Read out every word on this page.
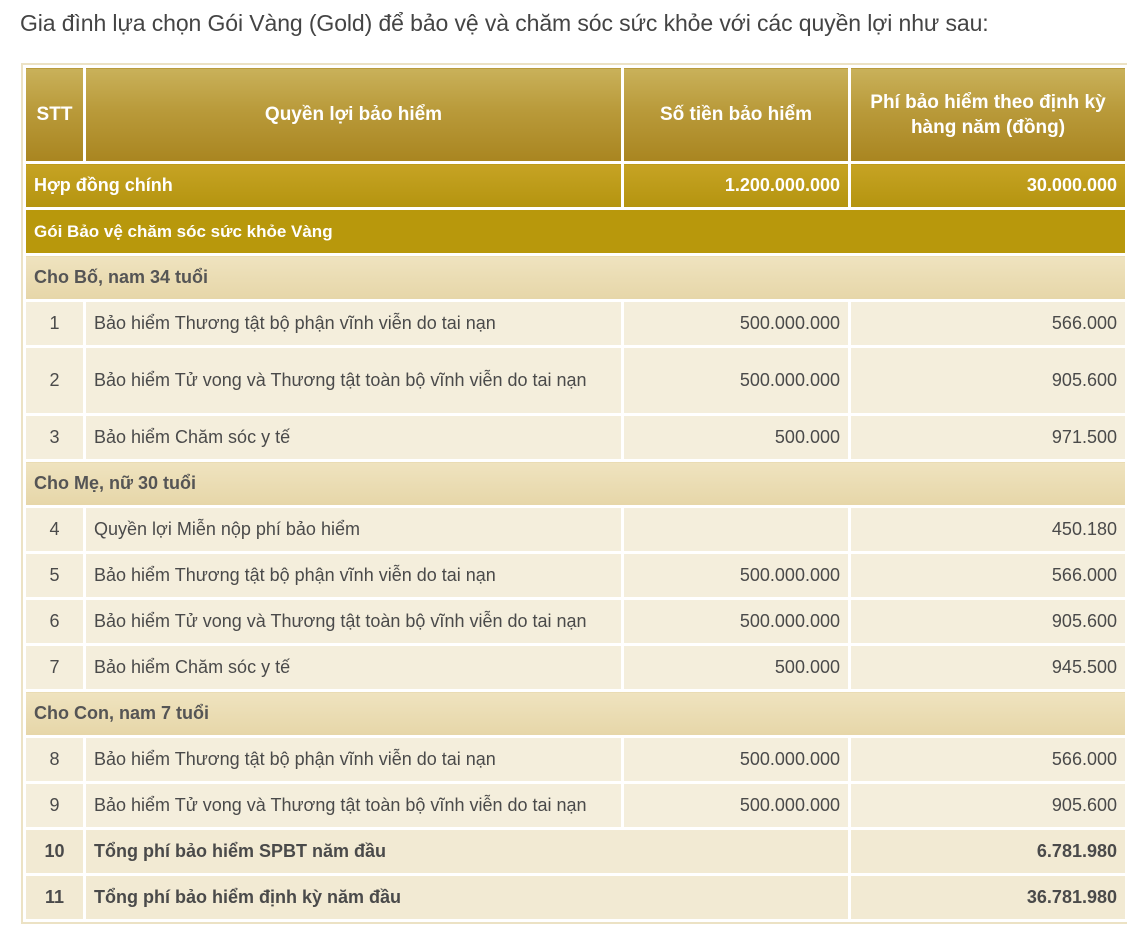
Gia đình lựa chọn Gói Vàng (Gold) để bảo vệ và chăm sóc sức khỏe với các quyền lợi như sau:
STT	Quyền lợi bảo hiểm	Số tiền bảo hiểm	Phí bảo hiểm theo định kỳ hàng năm (đồng)
Hợp đồng chính		1.200.000.000	30.000.000
Gói Bảo vệ chăm sóc sức khỏe Vàng			
Cho Bố, nam 34 tuổi			
1	Bảo hiểm Thương tật bộ phận vĩnh viễn do tai nạn	500.000.000	566.000
2	Bảo hiểm Tử vong và Thương tật toàn bộ vĩnh viễn do tai nạn	500.000.000	905.600
3	Bảo hiểm Chăm sóc y tế	500.000	971.500
Cho Mẹ, nữ 30 tuổi			
4	Quyền lợi Miễn nộp phí bảo hiểm		450.180
5	Bảo hiểm Thương tật bộ phận vĩnh viễn do tai nạn	500.000.000	566.000
6	Bảo hiểm Tử vong và Thương tật toàn bộ vĩnh viễn do tai nạn	500.000.000	905.600
7	Bảo hiểm Chăm sóc y tế	500.000	945.500
Cho Con, nam 7 tuổi			
8	Bảo hiểm Thương tật bộ phận vĩnh viễn do tai nạn	500.000.000	566.000
9	Bảo hiểm Tử vong và Thương tật toàn bộ vĩnh viễn do tai nạn	500.000.000	905.600
10	Tổng phí bảo hiểm SPBT năm đầu		6.781.980
11	Tổng phí bảo hiểm định kỳ năm đầu		36.781.980
